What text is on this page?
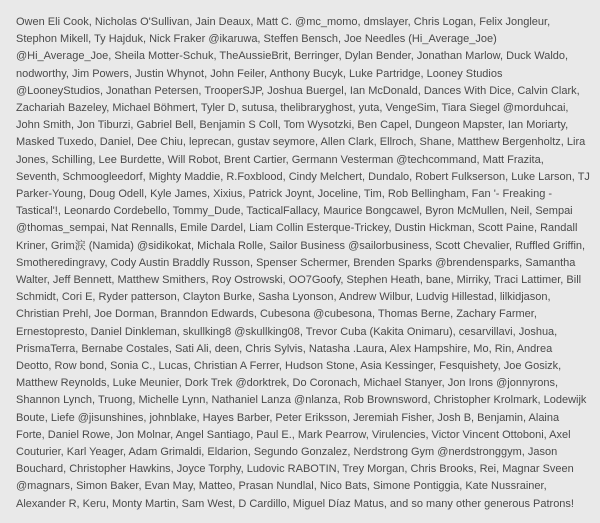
Owen Eli Cook, Nicholas O'Sullivan, Jain Deaux, Matt C. @mc_momo, dmslayer, Chris Logan, Felix Jongleur, Stephon Mikell, Ty Hajduk, Nick Fraker @ikaruwa, Steffen Bensch, Joe Needles (Hi_Average_Joe) @Hi_Average_Joe, Sheila Motter-Schuk, TheAussieBrit, Berringer, Dylan Bender, Jonathan Marlow, Duck Waldo, nodworthy, Jim Powers, Justin Whynot, John Feiler, Anthony Bucyk, Luke Partridge, Looney Studios @LooneyStudios, Jonathan Petersen, TrooperSJP, Joshua Buergel, Ian McDonald, Dances With Dice, Calvin Clark, Zachariah Bazeley, Michael Böhmert, Tyler D, sutusa, thelibraryghost, yuta, VengeSim, Tiara Siegel @morduhcai, John Smith, Jon Tiburzi, Gabriel Bell, Benjamin S Coll, Tom Wysotzki, Ben Capel, Dungeon Mapster, Ian Moriarty, Masked Tuxedo, Daniel, Dee Chiu, leprecan, gustav seymore, Allen Clark, Ellroch, Shane, Matthew Bergenholtz, Lira Jones, Schilling, Lee Burdette, Will Robot, Brent Cartier, Germann Vesterman @techcommand, Matt Frazita, Seventh, Schmoogleedorf, Mighty Maddie, R.Foxblood, Cindy Melchert, Dundalo, Robert Fulkserson, Luke Larson, TJ Parker-Young, Doug Odell, Kyle James, Xixius, Patrick Joynt, Joceline, Tim, Rob Bellingham, Fan '- Freaking - Tastical'!, Leonardo Cordebello, Tommy_Dude, TacticalFallacy, Maurice Bongcawel, Byron McMullen, Neil, Sempai @thomas_sempai, Nat Rennalls, Emile Dardel, Liam Collin Esterque-Trickey, Dustin Hickman, Scott Paine, Randall Kriner, Grim涙 (Namida) @sidikokat, Michala Rolle, Sailor Business @sailorbusiness, Scott Chevalier, Ruffled Griffin, Smotheredingravy, Cody Austin Braddly Russon, Spenser Schermer, Brenden Sparks @brendensparks, Samantha Walter, Jeff Bennett, Matthew Smithers, Roy Ostrowski, OO7Goofy, Stephen Heath, bane, Mirriky, Traci Lattimer, Bill Schmidt, Cori E, Ryder patterson, Clayton Burke, Sasha Lyonson, Andrew Wilbur, Ludvig Hillestad, lilkidjason, Christian Prehl, Joe Dorman, Branndon Edwards, Cubesona @cubesona, Thomas Berne, Zachary Farmer, Ernestopresto, Daniel Dinkleman, skullking8 @skullking08, Trevor Cuba (Kakita Onimaru), cesarvillavi, Joshua, PrismaTerra, Bernabe Costales, Sati Ali, deen, Chris Sylvis, Natasha .Laura, Alex Hampshire, Mo, Rin, Andrea Deotto, Row bond, Sonia C., Lucas, Christian A Ferrer, Hudson Stone, Asia Kessinger, Fesquishety, Joe Gosizk, Matthew Reynolds, Luke Meunier, Dork Trek @dorktrek, Do Coronach, Michael Stanyer, Jon Irons @jonnyrons, Shannon Lynch, Truong, Michelle Lynn, Nathaniel Lanza @nlanza, Rob Brownsword, Christopher Krolmark, Lodewijk Boute, Liefe @jisunshines, johnblake, Hayes Barber, Peter Eriksson, Jeremiah Fisher, Josh B, Benjamin, Alaina Forte, Daniel Rowe, Jon Molnar, Angel Santiago, Paul E., Mark Pearrow, Virulencies, Victor Vincent Ottoboni, Axel Couturier, Karl Yeager, Adam Grimaldi, Eldarion, Segundo Gonzalez, Nerdstrong Gym @nerdstronggym, Jason Bouchard, Christopher Hawkins, Joyce Torphy, Ludovic RABOTIN, Trey Morgan, Chris Brooks, Rei, Magnar Sveen @magnars, Simon Baker, Evan May, Matteo, Prasan Nundlal, Nico Bats, Simone Pontiggia, Kate Nussrainer, Alexander R, Keru, Monty Martin, Sam West, D Cardillo, Miguel Díaz Matus, and so many other generous Patrons!
